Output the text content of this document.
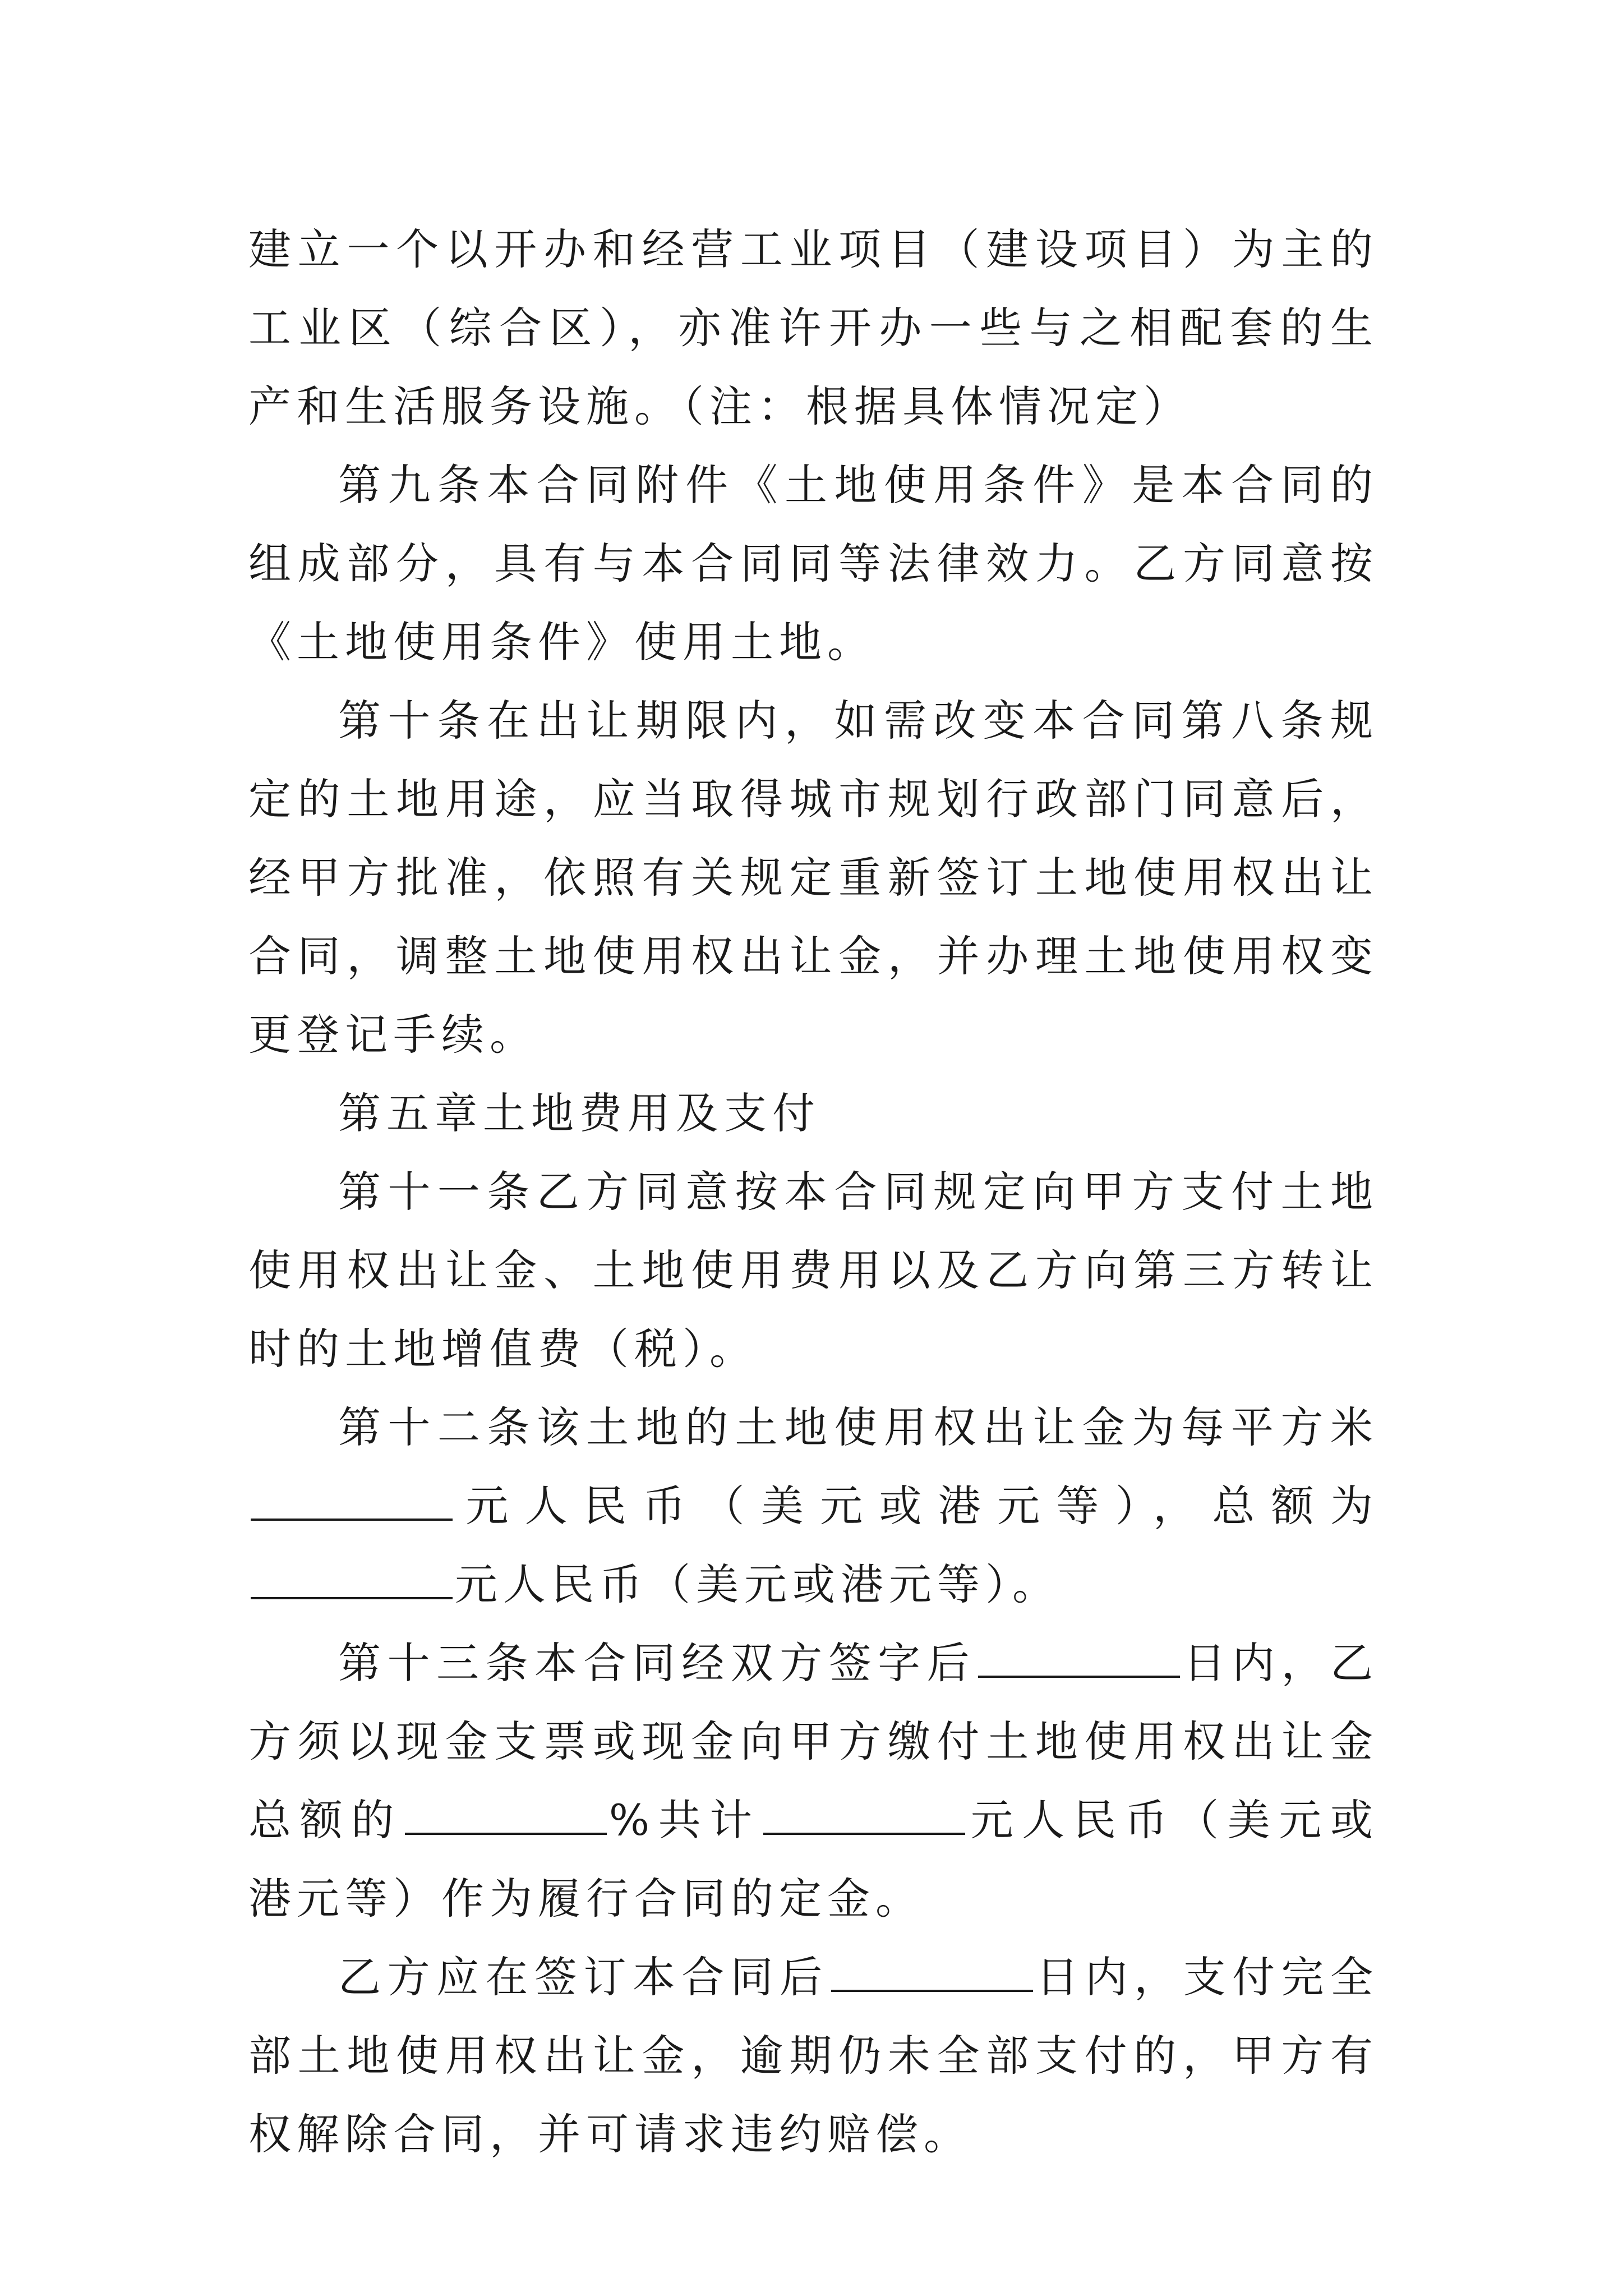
建立一个以开办和经营工业项目（建设项目）为主的工业区（综合区），亦准许开办一些与之相配套的生产和生活服务设施。（注：根据具体情况定）

第九条本合同附件《土地使用条件》是本合同的组成部分，具有与本合同同等法律效力。乙方同意按《土地使用条件》使用土地。

第十条在出让期限内，如需改变本合同第八条规定的土地用途，应当取得城市规划行政部门同意后，经甲方批准，依照有关规定重新签订土地使用权出让合同，调整土地使用权出让金，并办理土地使用权变更登记手续。

第五章土地费用及支付

第十一条乙方同意按本合同规定向甲方支付土地使用权出让金、土地使用费用以及乙方向第三方转让时的土地增值费（税）。

第十二条该土地的土地使用权出让金为每平方米元人民币（美元或港元等），总额为元人民币（美元或港元等）。

第十三条本合同经双方签字后	日内，乙方须以现金支票或现金向甲方缴付土地使用权出让金总额的	%共计	元人民币（美元或港元等）作为履行合同的定金。

乙方应在签订本合同后	日内，支付完全部土地使用权出让金，逾期仍未全部支付的，甲方有权解除合同，并可请求违约赔偿。
